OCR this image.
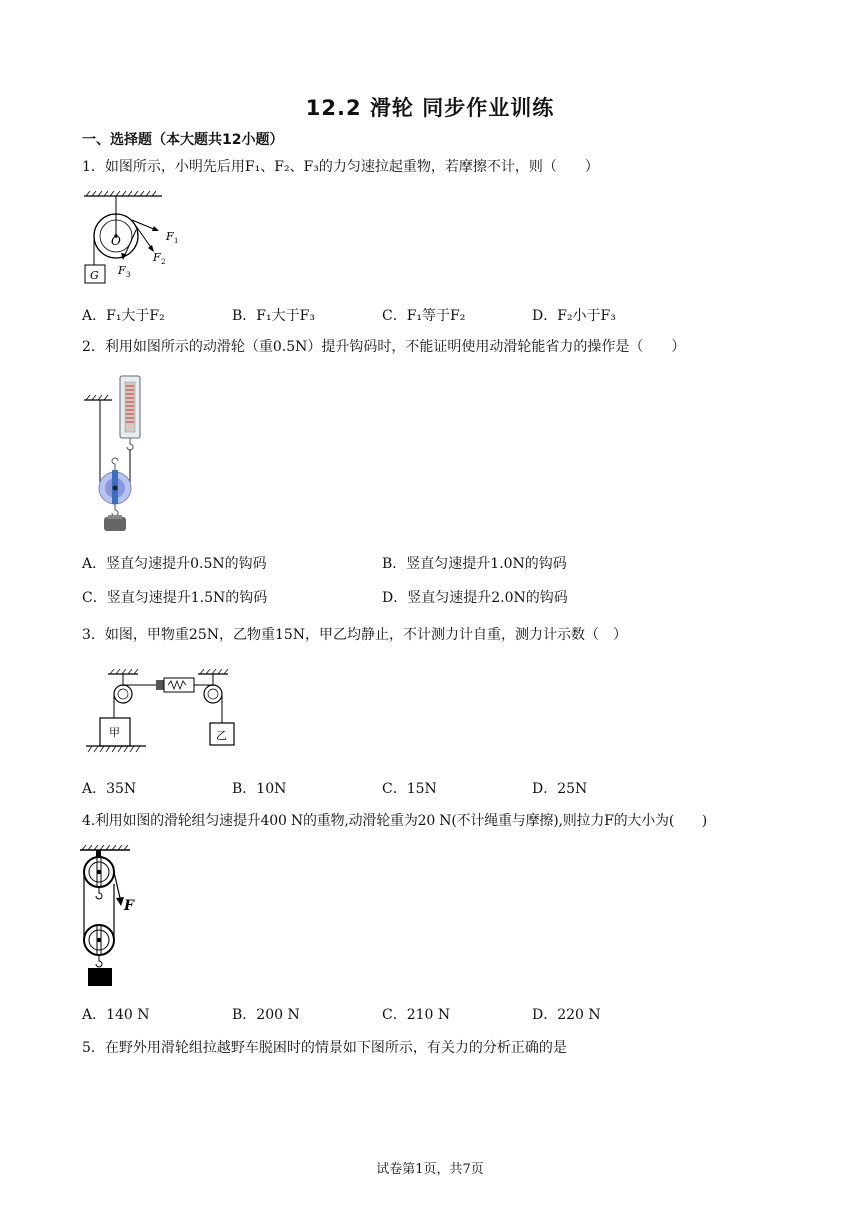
12.2 滑轮 同步作业训练
一、选择题（本大题共12小题）
1．如图所示，小明先后用F₁、F₂、F₃的力匀速拉起重物，若摩擦不计，则（　　）
O
G
F 1
F 2
F 3
A．F₁大于F₂	B．F₁大于F₃	C．F₁等于F₂	D．F₂小于F₃
2．利用如图所示的动滑轮（重0.5N）提升钩码时，不能证明使用动滑轮能省力的操作是（　　）
A．竖直匀速提升0.5N的钩码	B．竖直匀速提升1.0N的钩码
C．竖直匀速提升1.5N的钩码	D．竖直匀速提升2.0N的钩码
3．如图，甲物重25N，乙物重15N，甲乙均静止，不计测力计自重，测力计示数（　）
甲	乙
A．35N	B．10N	C．15N	D．25N
4.利用如图的滑轮组匀速提升400 N的重物,动滑轮重为20 N(不计绳重与摩擦),则拉力F的大小为(　　)
F
A．140 N	B．200 N	C．210 N	D．220 N
5．在野外用滑轮组拉越野车脱困时的情景如下图所示，有关力的分析正确的是
试卷第1页，共7页
